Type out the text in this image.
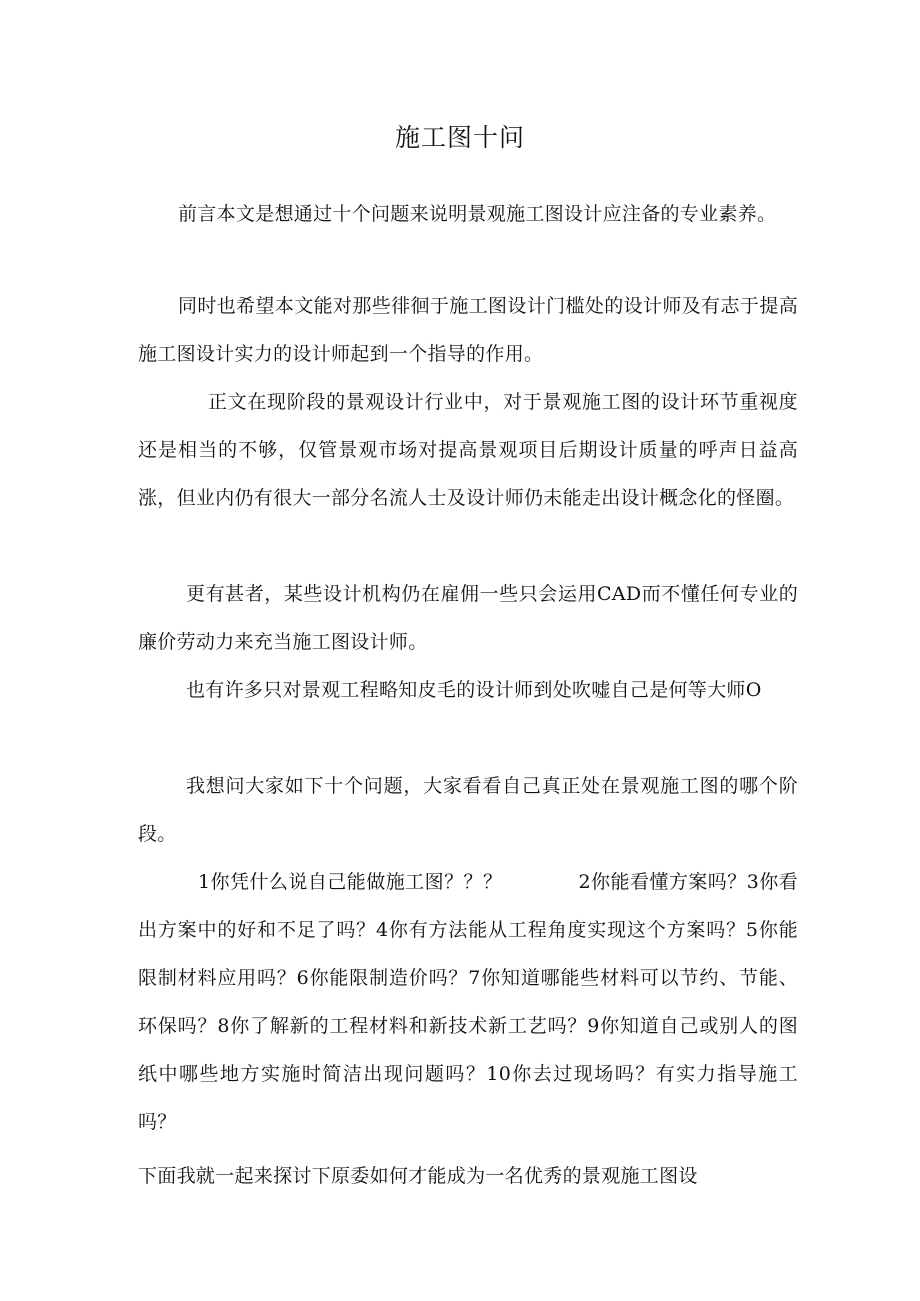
施工图十问

前言本文是想通过十个问题来说明景观施工图设计应注备的专业素养。

同时也希望本文能对那些徘徊于施工图设计门槛处的设计师及有志于提高施工图设计实力的设计师起到一个指导的作用。

正文在现阶段的景观设计行业中，对于景观施工图的设计环节重视度还是相当的不够，仅管景观市场对提高景观项目后期设计质量的呼声日益高涨，但业内仍有很大一部分名流人士及设计师仍未能走出设计概念化的怪圈。

更有甚者，某些设计机构仍在雇佣一些只会运用CAD而不懂任何专业的廉价劳动力来充当施工图设计师。

也有许多只对景观工程略知皮毛的设计师到处吹嘘自己是何等大师O

我想问大家如下十个问题，大家看看自己真正处在景观施工图的哪个阶段。

1你凭什么说自己能做施工图？？？	2你能看懂方案吗？3你看出方案中的好和不足了吗？4你有方法能从工程角度实现这个方案吗？5你能限制材料应用吗？6你能限制造价吗？7你知道哪能些材料可以节约、节能、环保吗？8你了解新的工程材料和新技术新工艺吗？9你知道自己或别人的图纸中哪些地方实施时简洁出现问题吗？10你去过现场吗？有实力指导施工吗？

下面我就一起来探讨下原委如何才能成为一名优秀的景观施工图设
